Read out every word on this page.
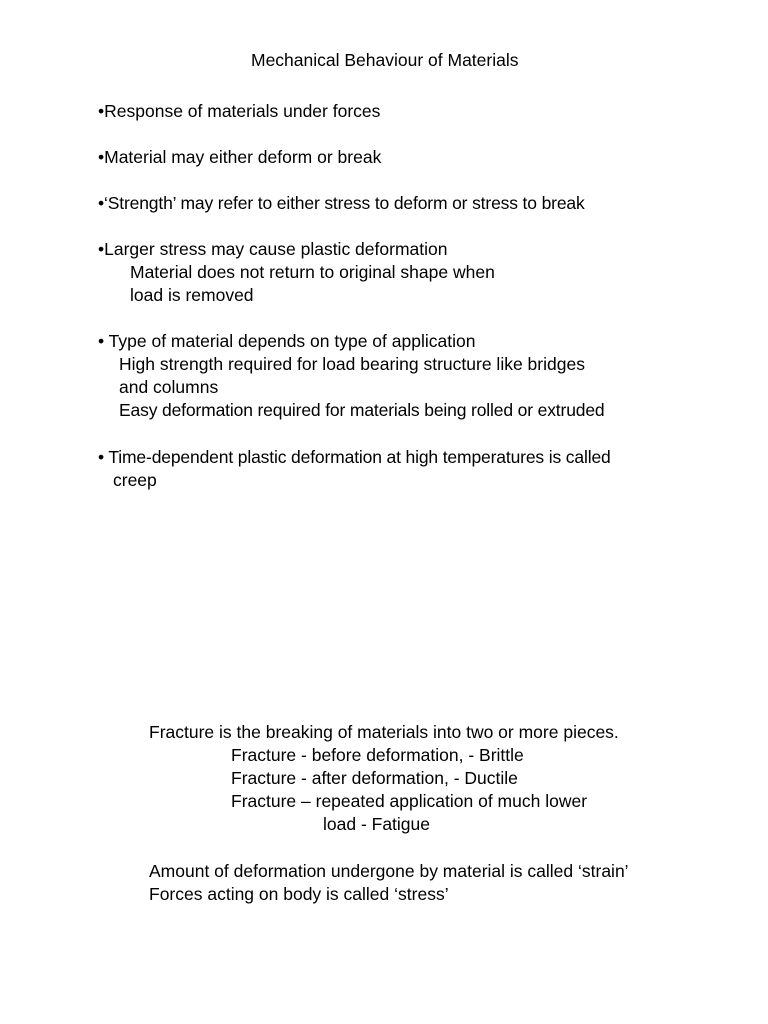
Mechanical Behaviour of Materials

•Response of materials under forces

•Material may either deform or break

•‘Strength’ may refer to either stress to deform or stress to break

•Larger stress may cause plastic deformation

Material does not return to original shape when

load is removed

• Type of material depends on type of application

High strength required for load bearing structure like bridges

and columns

Easy deformation required for materials being rolled or extruded

• Time-dependent plastic deformation at high temperatures is called

creep

Fracture is the breaking of materials into two or more pieces.

Fracture - before deformation, - Brittle

Fracture - after deformation, - Ductile

Fracture – repeated application of much lower

load - Fatigue

Amount of deformation undergone by material is called ‘strain’

Forces acting on body is called ‘stress’
